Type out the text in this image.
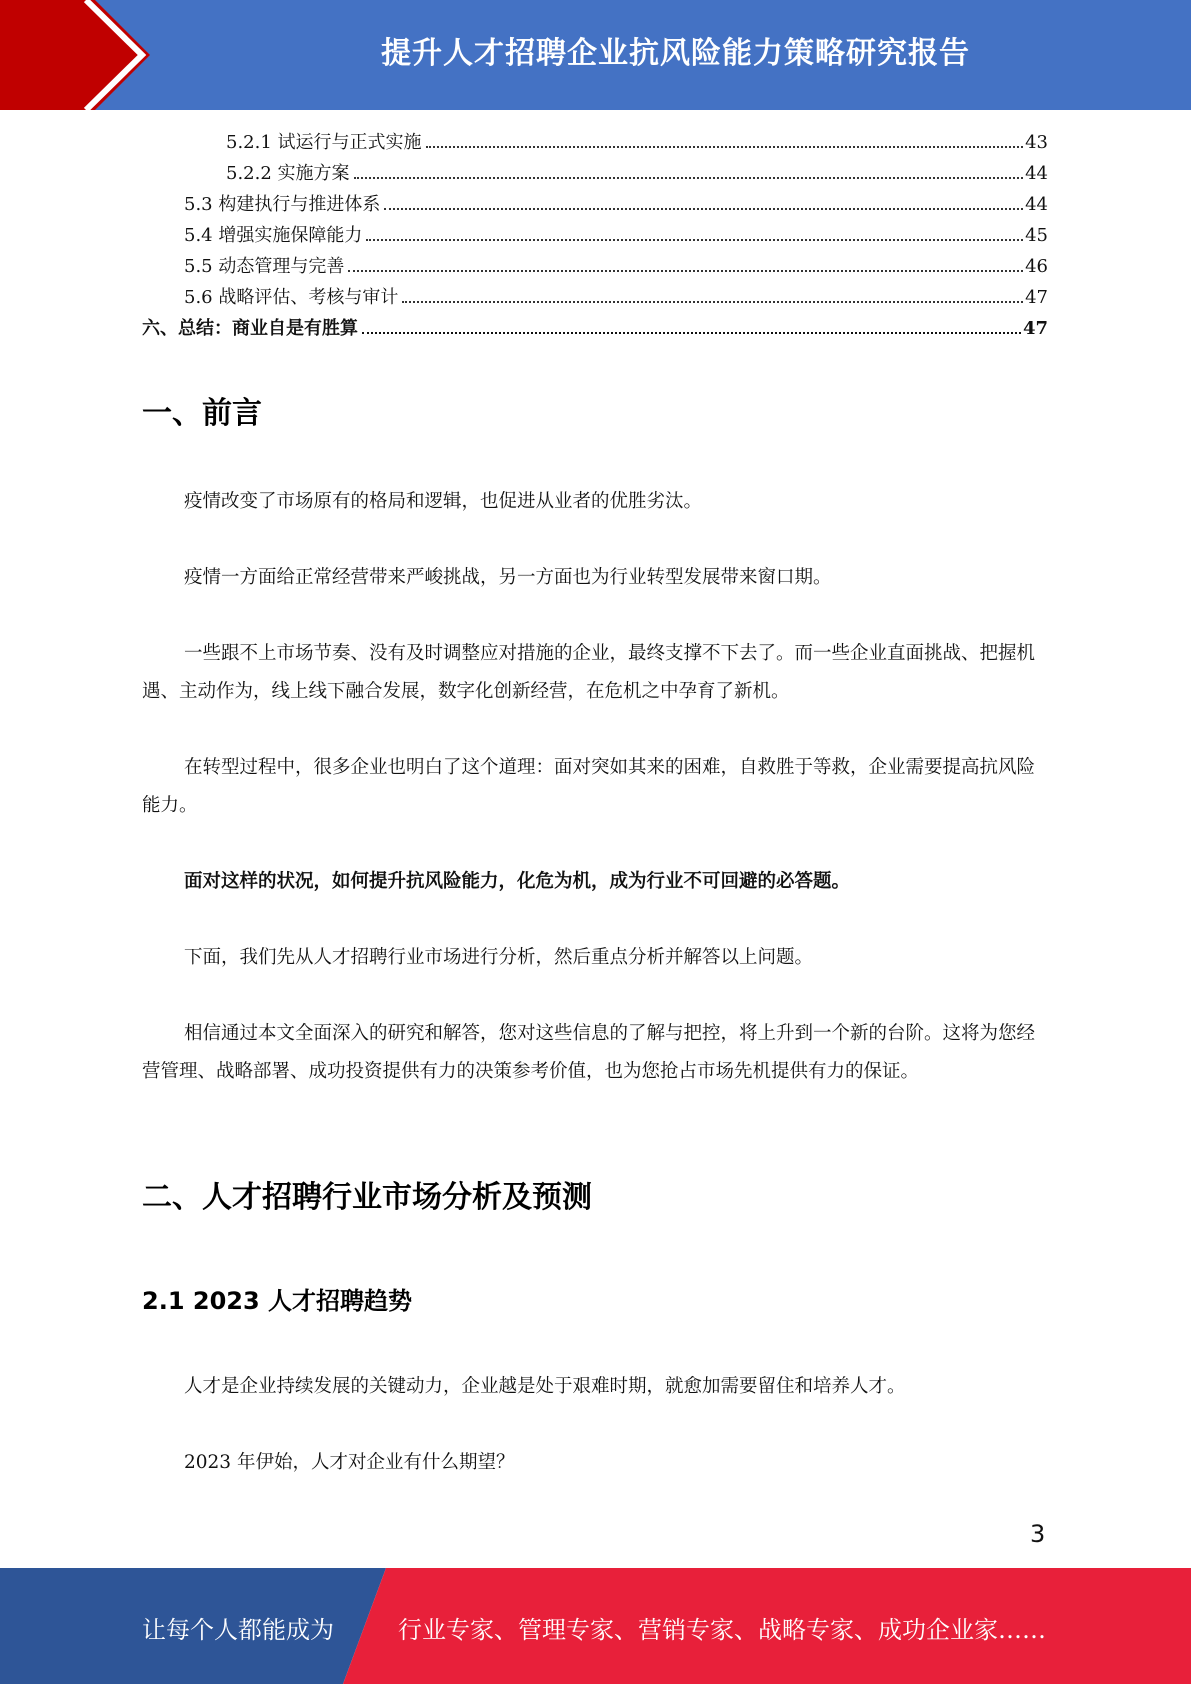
提升人才招聘企业抗风险能力策略研究报告
5.2.1 试运行与正式实施	43
5.2.2 实施方案	44
5.3 构建执行与推进体系	44
5.4 增强实施保障能力	45
5.5 动态管理与完善	46
5.6 战略评估、考核与审计	47
六、总结：商业自是有胜算	47
一、前言

疫情改变了市场原有的格局和逻辑，也促进从业者的优胜劣汰。

疫情一方面给正常经营带来严峻挑战，另一方面也为行业转型发展带来窗口期。

一些跟不上市场节奏、没有及时调整应对措施的企业，最终支撑不下去了。而一些企业直面挑战、把握机遇、主动作为，线上线下融合发展，数字化创新经营，在危机之中孕育了新机。

在转型过程中，很多企业也明白了这个道理：面对突如其来的困难，自救胜于等救，企业需要提高抗风险能力。

面对这样的状况，如何提升抗风险能力，化危为机，成为行业不可回避的必答题。

下面，我们先从人才招聘行业市场进行分析，然后重点分析并解答以上问题。

相信通过本文全面深入的研究和解答，您对这些信息的了解与把控，将上升到一个新的台阶。这将为您经营管理、战略部署、成功投资提供有力的决策参考价值，也为您抢占市场先机提供有力的保证。

二、人才招聘行业市场分析及预测
2.1 2023 人才招聘趋势

人才是企业持续发展的关键动力，企业越是处于艰难时期，就愈加需要留住和培养人才。

2023 年伊始，人才对企业有什么期望？

3
让每个人都能成为	行业专家、管理专家、营销专家、战略专家、成功企业家……
